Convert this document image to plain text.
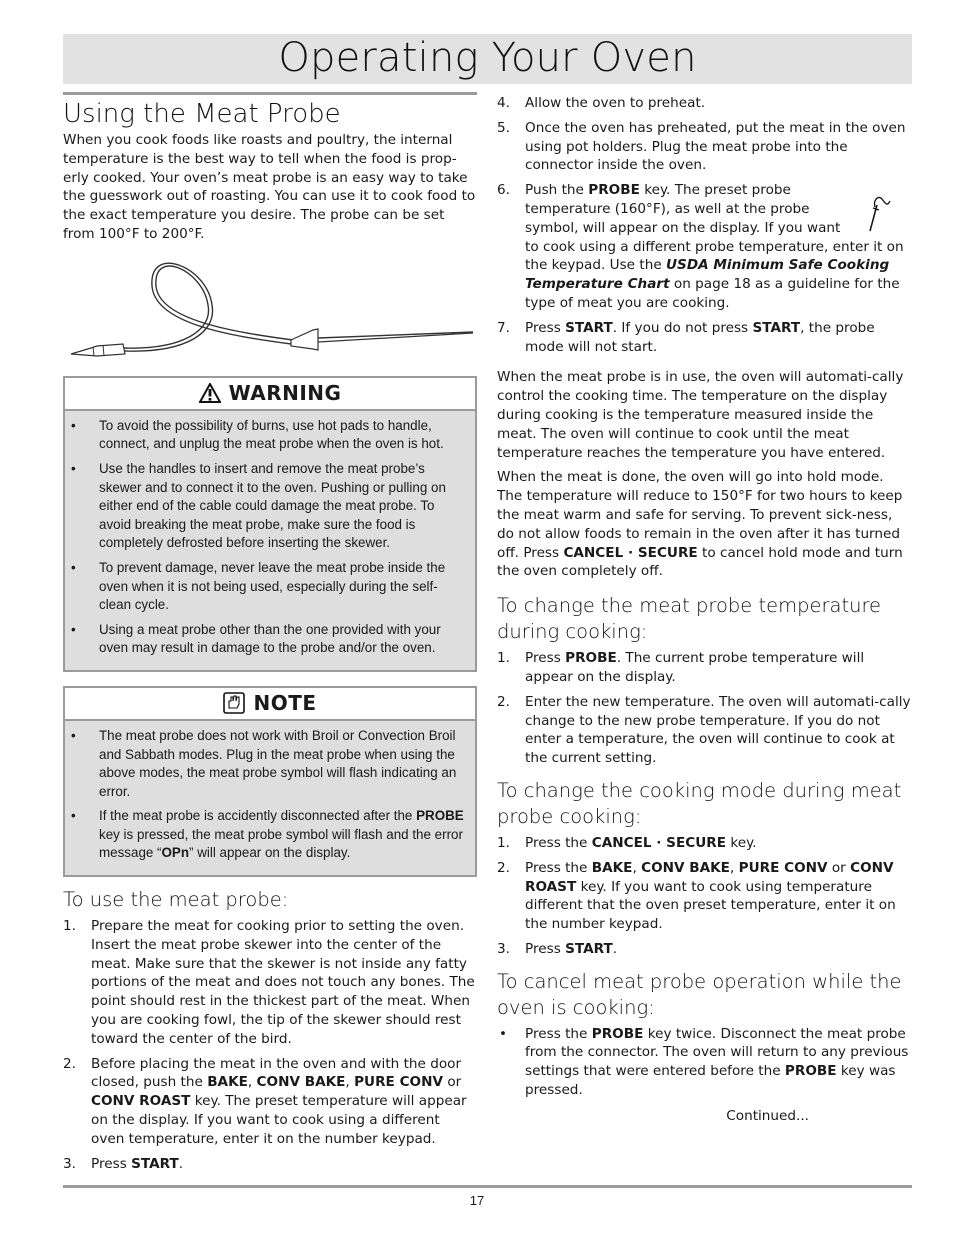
Operating Your Oven
Using the Meat Probe

When you cook foods like roasts and poultry, the internal temperature is the best way to tell when the food is prop-erly cooked. Your oven’s meat probe is an easy way to take the guesswork out of roasting. You can use it to cook food to the exact temperature you desire. The probe can be set from 100°F to 200°F.

WARNING
• To avoid the possibility of burns, use hot pads to handle, connect, and unplug the meat probe when the oven is hot.
• Use the handles to insert and remove the meat probe’s skewer and to connect it to the oven. Pushing or pulling on either end of the cable could damage the meat probe. To avoid breaking the meat probe, make sure the food is completely defrosted before inserting the skewer.
• To prevent damage, never leave the meat probe inside the oven when it is not being used, especially during the self-clean cycle.
• Using a meat probe other than the one provided with your oven may result in damage to the probe and/or the oven.
NOTE
• The meat probe does not work with Broil or Convection Broil and Sabbath modes. Plug in the meat probe when using the above modes, the meat probe symbol will flash indicating an error.
• If the meat probe is accidently disconnected after the PROBE key is pressed, the meat probe symbol will flash and the error message “OPn” will appear on the display.
To use the meat probe:
1. Prepare the meat for cooking prior to setting the oven. Insert the meat probe skewer into the center of the meat. Make sure that the skewer is not inside any fatty portions of the meat and does not touch any bones. The point should rest in the thickest part of the meat. When you are cooking fowl, the tip of the skewer should rest toward the center of the bird.
2. Before placing the meat in the oven and with the door closed, push the BAKE, CONV BAKE, PURE CONV or CONV ROAST key. The preset temperature will appear on the display. If you want to cook using a different oven temperature, enter it on the number keypad.
3. Press START.
4. Allow the oven to preheat.
5. Once the oven has preheated, put the meat in the oven using pot holders. Plug the meat probe into the connector inside the oven.
6. Push the PROBE key. The preset probe temperature (160°F), as well at the probe symbol, will appear on the display. If you want to cook using a different probe temperature, enter it on the keypad. Use the USDA Minimum Safe Cooking Temperature Chart on page 18 as a guideline for the type of meat you are cooking.
7. Press START. If you do not press START, the probe mode will not start.

When the meat probe is in use, the oven will automati-cally control the cooking time. The temperature on the display during cooking is the temperature measured inside the meat. The oven will continue to cook until the meat temperature reaches the temperature you have entered.

When the meat is done, the oven will go into hold mode. The temperature will reduce to 150°F for two hours to keep the meat warm and safe for serving. To prevent sick-ness, do not allow foods to remain in the oven after it has turned off. Press CANCEL · SECURE to cancel hold mode and turn the oven completely off.

To change the meat probe temperature during cooking:
1. Press PROBE. The current probe temperature will appear on the display.
2. Enter the new temperature. The oven will automati-cally change to the new probe temperature. If you do not enter a temperature, the oven will continue to cook at the current setting.
To change the cooking mode during meat probe cooking:
1. Press the CANCEL · SECURE key.
2. Press the BAKE, CONV BAKE, PURE CONV or CONV ROAST key. If you want to cook using temperature different that the oven preset temperature, enter it on the number keypad.
3. Press START.
To cancel meat probe operation while the oven is cooking:
• Press the PROBE key twice. Disconnect the meat probe from the connector. The oven will return to any previous settings that were entered before the PROBE key was pressed.
Continued...
17
